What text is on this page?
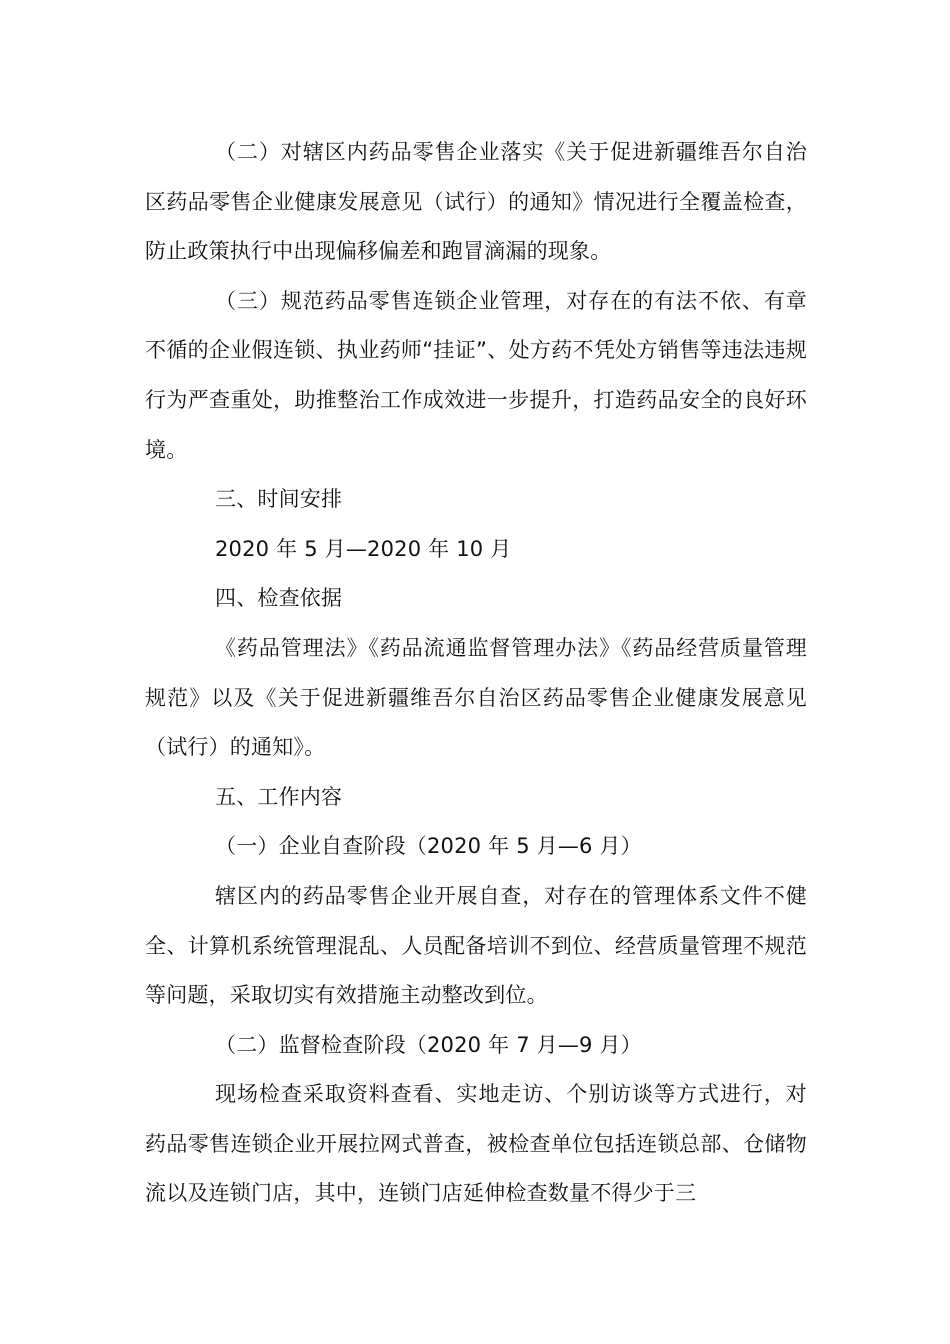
（二）对辖区内药品零售企业落实《关于促进新疆维吾尔自治区药品零售企业健康发展意见（试行）的通知》情况进行全覆盖检查，防止政策执行中出现偏移偏差和跑冒滴漏的现象。

（三）规范药品零售连锁企业管理，对存在的有法不依、有章不循的企业假连锁、执业药师“挂证”、处方药不凭处方销售等违法违规行为严查重处，助推整治工作成效进一步提升，打造药品安全的良好环境。

三、时间安排

2020 年 5 月—2020 年 10 月

四、检查依据

《药品管理法》《药品流通监督管理办法》《药品经营质量管理规范》以及《关于促进新疆维吾尔自治区药品零售企业健康发展意见（试行）的通知》。

五、工作内容

（一）企业自查阶段（2020 年 5 月—6 月）

辖区内的药品零售企业开展自查，对存在的管理体系文件不健全、计算机系统管理混乱、人员配备培训不到位、经营质量管理不规范等问题，采取切实有效措施主动整改到位。

（二）监督检查阶段（2020 年 7 月—9 月）

现场检查采取资料查看、实地走访、个别访谈等方式进行，对药品零售连锁企业开展拉网式普查，被检查单位包括连锁总部、仓储物流以及连锁门店，其中，连锁门店延伸检查数量不得少于三
